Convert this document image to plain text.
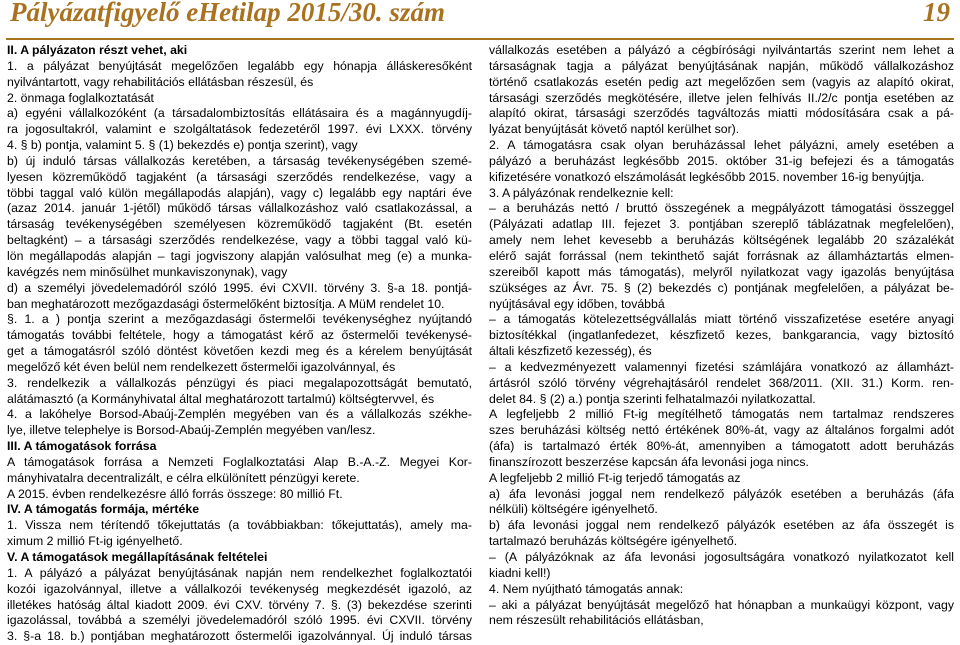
Pályázatfigyelő eHetilap 2015/30. szám	19

II. A pályázaton részt vehet, aki

1. a pályázat benyújtását megelőzően legalább egy hónapja álláskeresőként

nyilvántartott, vagy rehabilitációs ellátásban részesül, és

2. önmaga foglalkoztatását

a) egyéni vállalkozóként (a társadalombiztosítás ellátásaira és a magánnyugdíj-

ra jogosultakról, valamint e szolgáltatások fedezetéről 1997. évi LXXX. törvény

4. § b) pontja, valamint 5. § (1) bekezdés e) pontja szerint), vagy

b) új induló társas vállalkozás keretében, a társaság tevékenységében szemé-

lyesen közreműködő tagjaként (a társasági szerződés rendelkezése, vagy a

többi taggal való külön megállapodás alapján), vagy c) legalább egy naptári éve

(azaz 2014. január 1-jétől) működő társas vállalkozáshoz való csatlakozással, a

társaság tevékenységében személyesen közreműködő tagjaként (Bt. esetén

beltagként) – a társasági szerződés rendelkezése, vagy a többi taggal való kü-

lön megállapodás alapján – tagi jogviszony alapján valósulhat meg (e) a munka-

kavégzés nem minősülhet munkaviszonynak), vagy

d) a személyi jövedelemadóról szóló 1995. évi CXVII. törvény 3. §-a 18. pontjá-

ban meghatározott mezőgazdasági őstermelőként biztosítja. A MüM rendelet 10.

§. 1. a ) pontja szerint a mezőgazdasági őstermelői tevékenységhez nyújtandó

támogatás további feltétele, hogy a támogatást kérő az őstermelői tevékenysé-

get a támogatásról szóló döntést követően kezdi meg és a kérelem benyújtását

megelőző két éven belül nem rendelkezett őstermelői igazolvánnyal, és

3. rendelkezik a vállalkozás pénzügyi és piaci megalapozottságát bemutató,

alátámasztó (a Kormányhivatal által meghatározott tartalmú) költségtervvel, és

4. a lakóhelye Borsod-Abaúj-Zemplén megyében van és a vállalkozás székhe-

lye, illetve telephelye is Borsod-Abaúj-Zemplén megyében van/lesz.

III. A támogatások forrása

A támogatások forrása a Nemzeti Foglalkoztatási Alap B.-A.-Z. Megyei Kor-

mányhivatalra decentralizált, e célra elkülönített pénzügyi kerete.

A 2015. évben rendelkezésre álló forrás összege: 80 millió Ft.

IV. A támogatás formája, mértéke

1. Vissza nem térítendő tőkejuttatás (a továbbiakban: tőkejuttatás), amely ma-

ximum 2 millió Ft-ig igényelhető.

V. A támogatások megállapításának feltételei

1. A pályázó a pályázat benyújtásának napján nem rendelkezhet foglalkoztatói

kozói igazolvánnyal, illetve a vállalkozói tevékenység megkezdését igazoló, az

illetékes hatóság által kiadott 2009. évi CXV. törvény 7. §. (3) bekezdése szerinti

igazolással, továbbá a személyi jövedelemadóról szóló 1995. évi CXVII. törvény

3. §-a 18. b.) pontjában meghatározott őstermelői igazolvánnyal. Új induló társas

vállalkozás esetében a pályázó a cégbírósági nyilvántartás szerint nem lehet a

társaságnak tagja a pályázat benyújtásának napján, működő vállalkozáshoz

történő csatlakozás esetén pedig azt megelőzően sem (vagyis az alapító okirat,

társasági szerződés megkötésére, illetve jelen felhívás II./2/c pontja esetében az

alapító okirat, társasági szerződés tagváltozás miatti módosítására csak a pá-

lyázat benyújtását követő naptól kerülhet sor).

2. A támogatásra csak olyan beruházással lehet pályázni, amely esetében a

pályázó a beruházást legkésőbb 2015. október 31-ig befejezi és a támogatás

kifizetésére vonatkozó elszámolását legkésőbb 2015. november 16-ig benyújtja.

3. A pályázónak rendelkeznie kell:

– a beruházás nettó / bruttó összegének a megpályázott támogatási összeggel

(Pályázati adatlap III. fejezet 3. pontjában szereplő táblázatnak megfelelően),

amely nem lehet kevesebb a beruházás költségének legalább 20 százalékát

elérő saját forrással (nem tekinthető saját forrásnak az államháztartás elmen-

szereiből kapott más támogatás), melyről nyilatkozat vagy igazolás benyújtása

szükséges az Ávr. 75. § (2) bekezdés c) pontjának megfelelően, a pályázat be-

nyújtásával egy időben, továbbá

– a támogatás kötelezettségvállalás miatt történő visszafizetése esetére anyagi

biztosítékkal (ingatlanfedezet, készfizető kezes, bankgarancia, vagy biztosító

általi készfizető kezesség), és

– a kedvezményezett valamennyi fizetési számlájára vonatkozó az államházt-

ártásról szóló törvény végrehajtásáról rendelet 368/2011. (XII. 31.) Korm. ren-

delet 84. § (2) a.) pontja szerinti felhatalmazói nyilatkozattal.

A legfeljebb 2 millió Ft-ig megítélhető támogatás nem tartalmaz rendszeres

szes beruházási költség nettó értékének 80%-át, vagy az általános forgalmi adót

(áfa) is tartalmazó érték 80%-át, amennyiben a támogatott adott beruházás

finanszírozott beszerzése kapcsán áfa levonási joga nincs.

A legfeljebb 2 millió Ft-ig terjedő támogatás az

a) áfa levonási joggal nem rendelkező pályázók esetében a beruházás (áfa

nélküli) költségére igényelhető.

b) áfa levonási joggal nem rendelkező pályázók esetében az áfa összegét is

tartalmazó beruházás költségére igényelhető.

– (A pályázóknak az áfa levonási jogosultságára vonatkozó nyilatkozatot kell

kiadni kell!)

4. Nem nyújtható támogatás annak:

– aki a pályázat benyújtását megelőző hat hónapban a munkaügyi központ, vagy

nem részesült rehabilitációs ellátásban,
